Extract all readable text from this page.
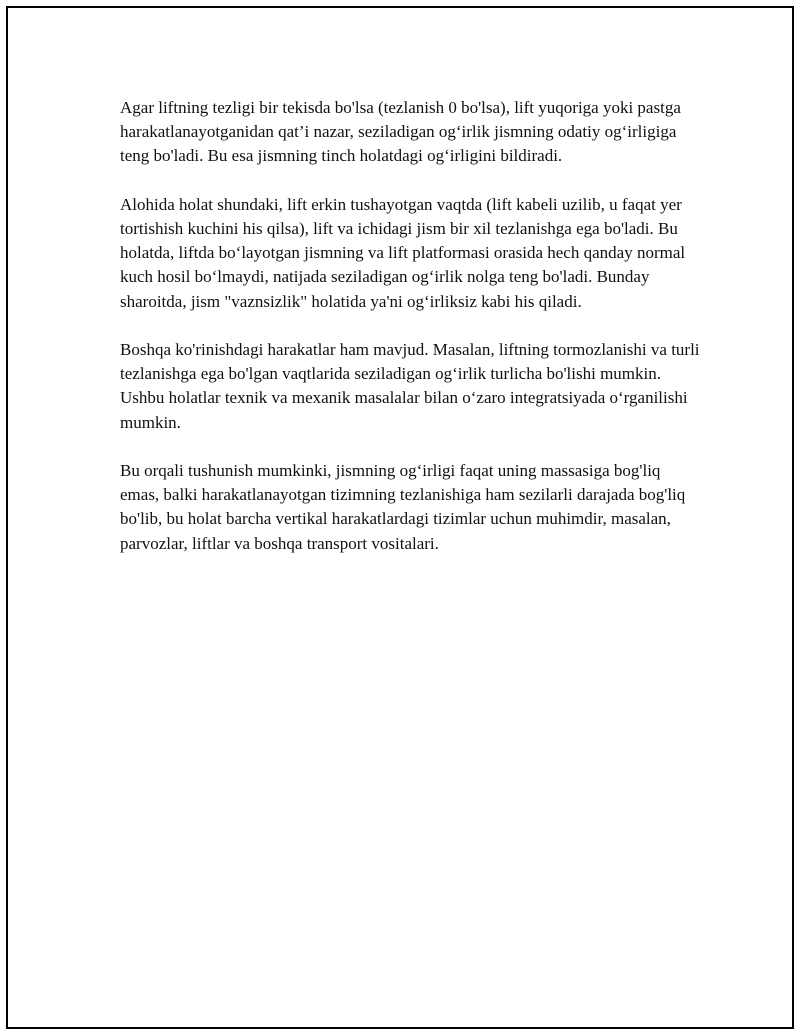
Agar liftning tezligi bir tekisda bo'lsa (tezlanish 0 bo'lsa), lift yuqoriga yoki pastga harakatlanayotganidan qat’i nazar, seziladigan og‘irlik jismning odatiy og‘irligiga teng bo'ladi. Bu esa jismning tinch holatdagi og‘irligini bildiradi.

Alohida holat shundaki, lift erkin tushayotgan vaqtda (lift kabeli uzilib, u faqat yer tortishish kuchini his qilsa), lift va ichidagi jism bir xil tezlanishga ega bo'ladi. Bu holatda, liftda bo‘layotgan jismning va lift platformasi orasida hech qanday normal kuch hosil bo‘lmaydi, natijada seziladigan og‘irlik nolga teng bo'ladi. Bunday sharoitda, jism "vaznsizlik" holatida ya'ni og‘irliksiz kabi his qiladi.

Boshqa ko'rinishdagi harakatlar ham mavjud. Masalan, liftning tormozlanishi va turli tezlanishga ega bo'lgan vaqtlarida seziladigan og‘irlik turlicha bo'lishi mumkin. Ushbu holatlar texnik va mexanik masalalar bilan o‘zaro integratsiyada o‘rganilishi mumkin.

Bu orqali tushunish mumkinki, jismning og‘irligi faqat uning massasiga bog'liq emas, balki harakatlanayotgan tizimning tezlanishiga ham sezilarli darajada bog'liq bo'lib, bu holat barcha vertikal harakatlardagi tizimlar uchun muhimdir, masalan, parvozlar, liftlar va boshqa transport vositalari.
